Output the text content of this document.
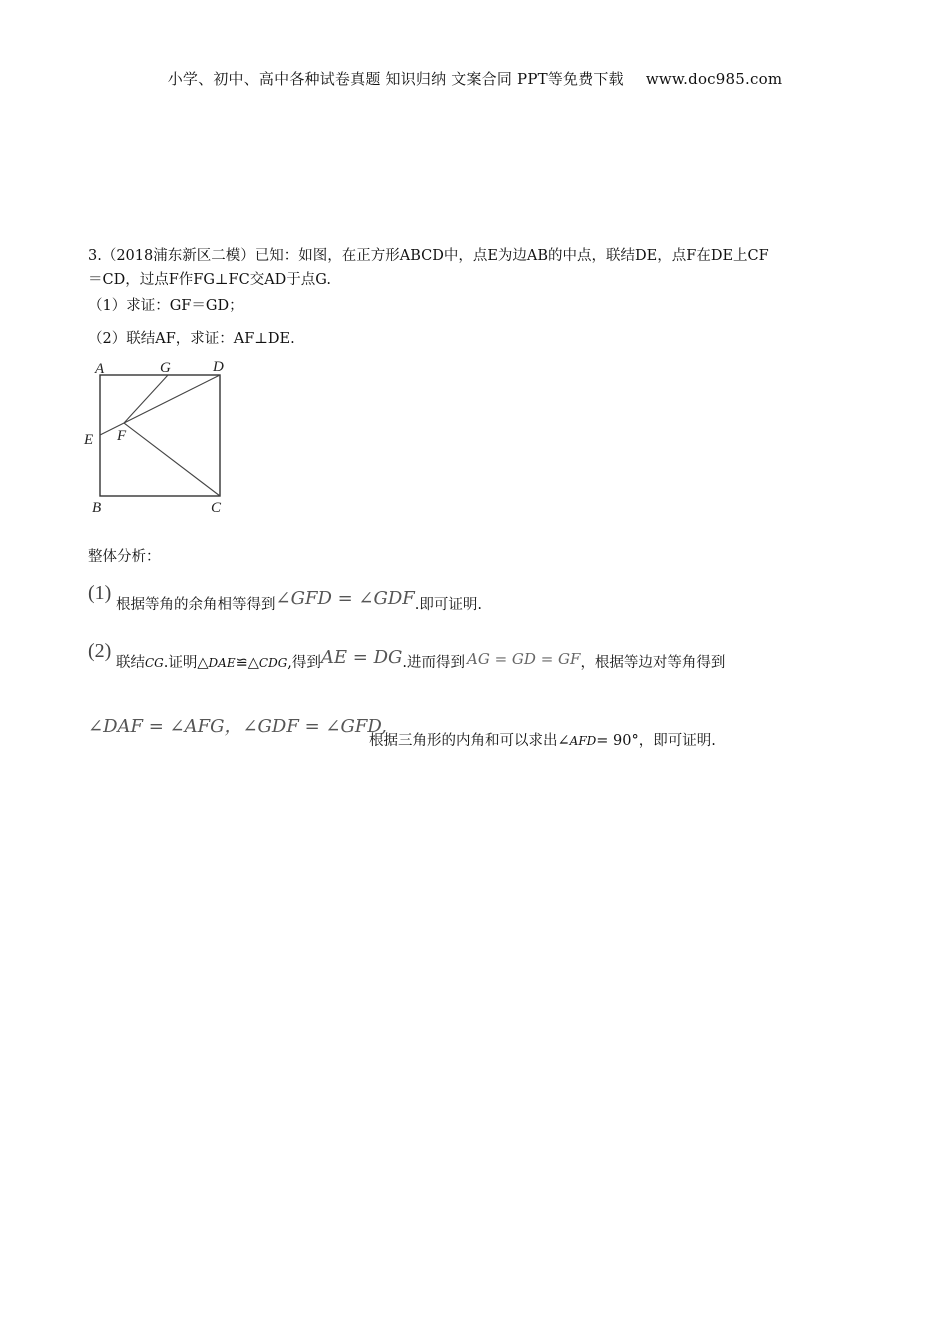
小学、初中、高中各种试卷真题 知识归纳 文案合同 PPT等免费下载 www.doc985.com
3.（2018浦东新区二模）已知：如图，在正方形ABCD中，点E为边AB的中点，联结DE，点F在DE上CF
＝CD，过点F作FG⊥FC交AD于点G.
（1）求证：GF＝GD；
（2）联结AF，求证：AF⊥DE.
A	G	D
E F
B	C
整体分析：
(1)
根据等角的余角相等得到∠GFD = ∠GDF.即可证明.
(2)
联结CG.证明△DAE≌△CDG,得到AE = DG.进而得到 AG = GD = GF，根据等边对等角得到
∠DAF = ∠AFG，∠GDF = ∠GFD,
根据三角形的内角和可以求出∠AFD= 90°，即可证明.
